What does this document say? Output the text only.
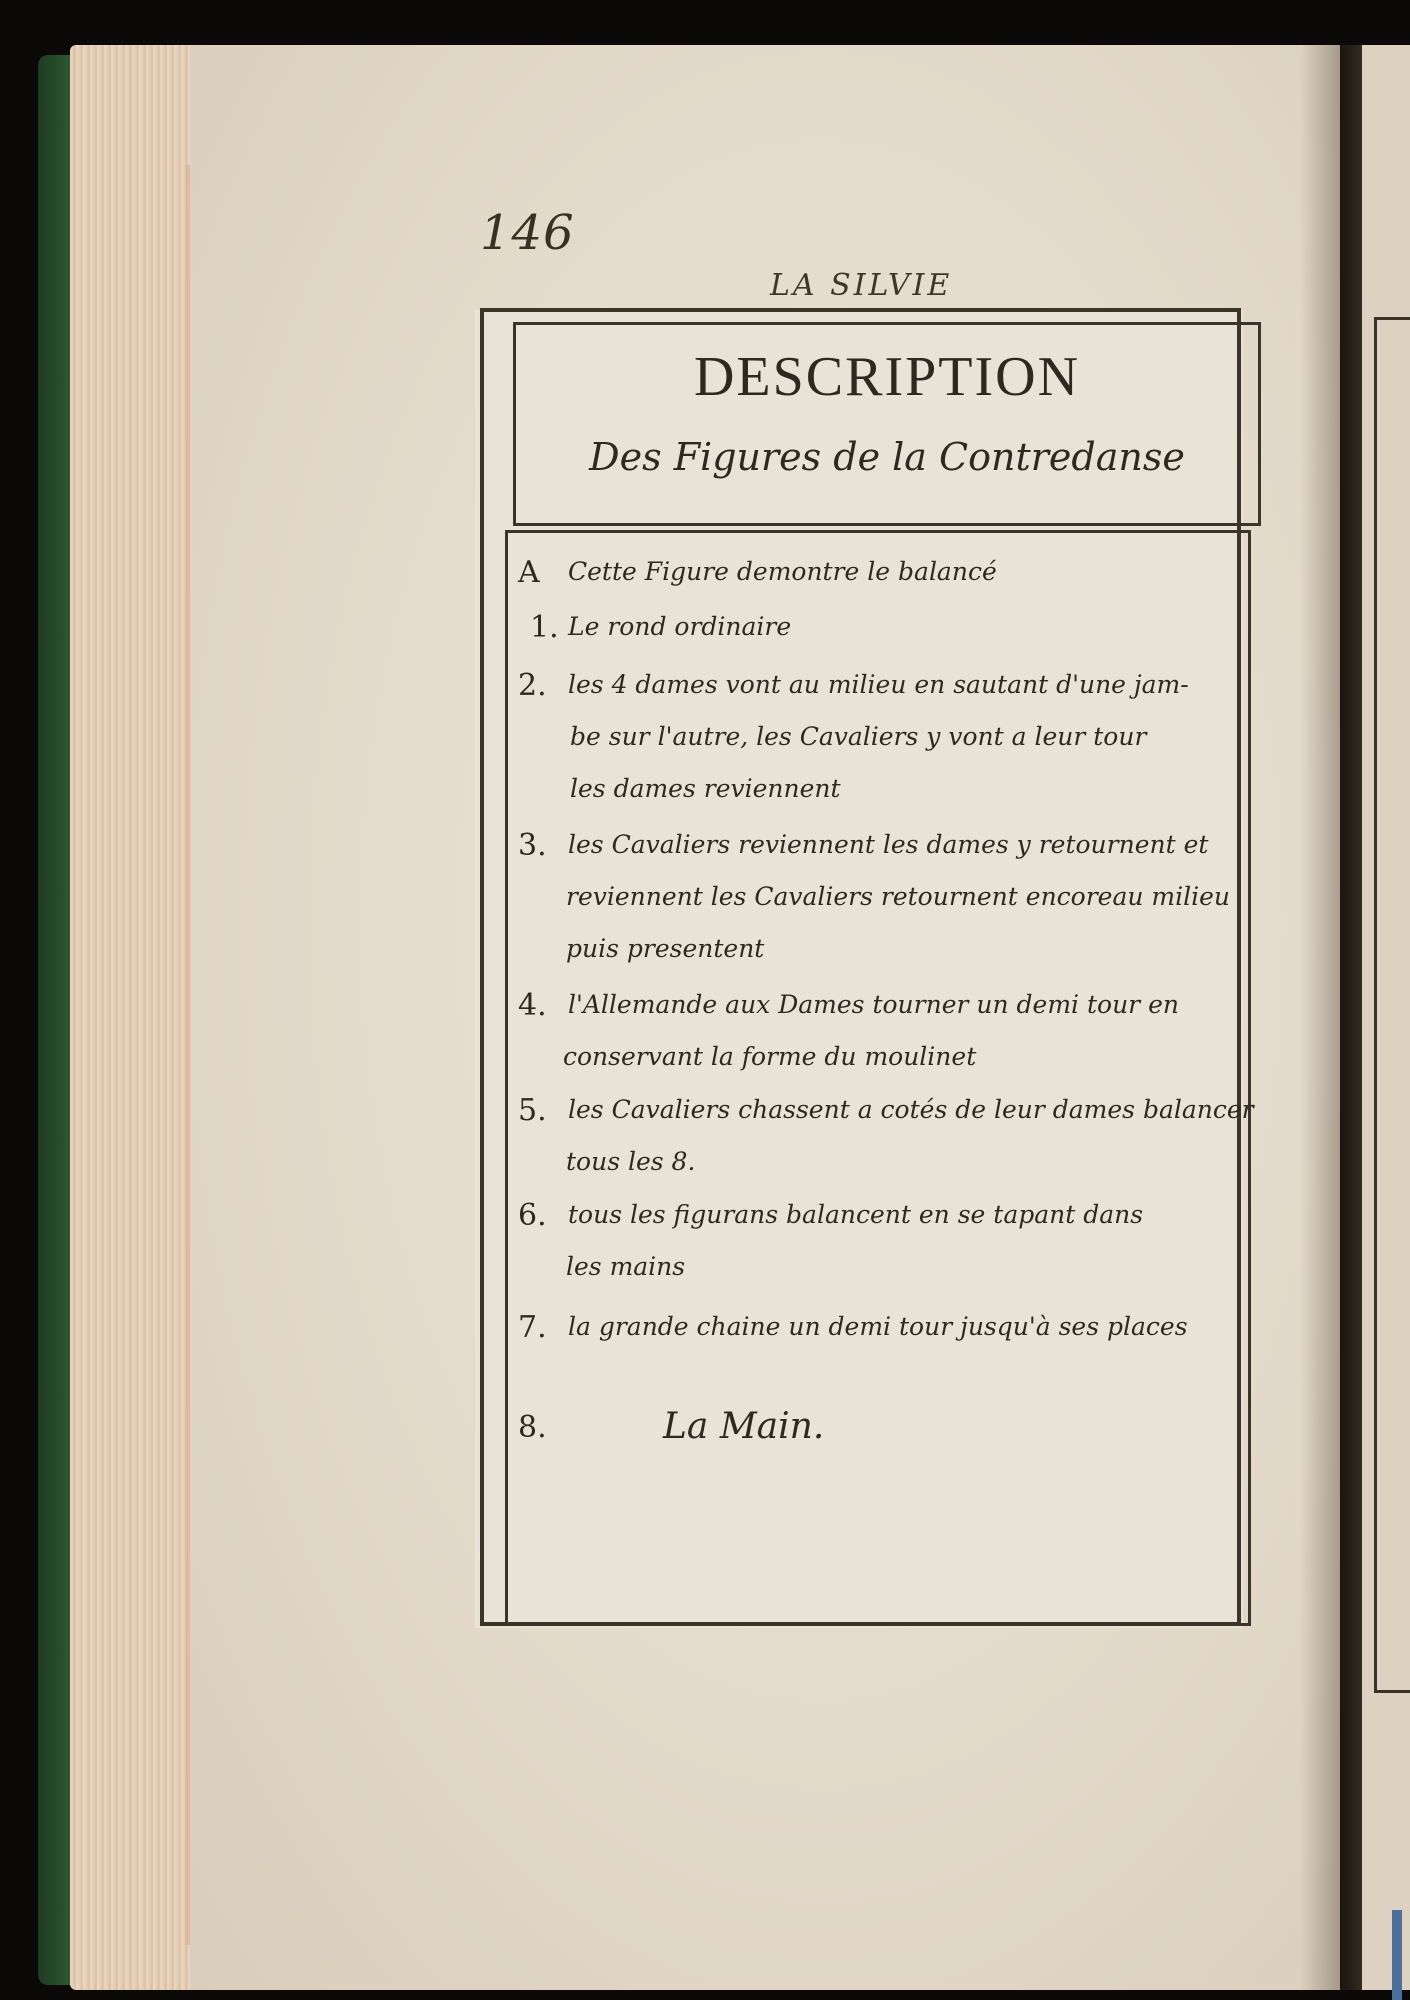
146
LA SILVIE
DESCRIPTION
Des Figures de la Contredanse
A Cette Figure demontre le balancé
1. Le rond ordinaire
2. les 4 dames vont au milieu en sautant d'une jam-
be sur l'autre, les Cavaliers y vont a leur tour
les dames reviennent
3. les Cavaliers reviennent les dames y retournent et
reviennent les Cavaliers retournent encoreau milieu
puis presentent
4. l'Allemande aux Dames tourner un demi tour en
conservant la forme du moulinet
5. les Cavaliers chassent a cotés de leur dames balancer
tous les 8.
6. tous les figurans balancent en se tapant dans
les mains
7. la grande chaine un demi tour jusqu'à ses places
8.	La Main.
